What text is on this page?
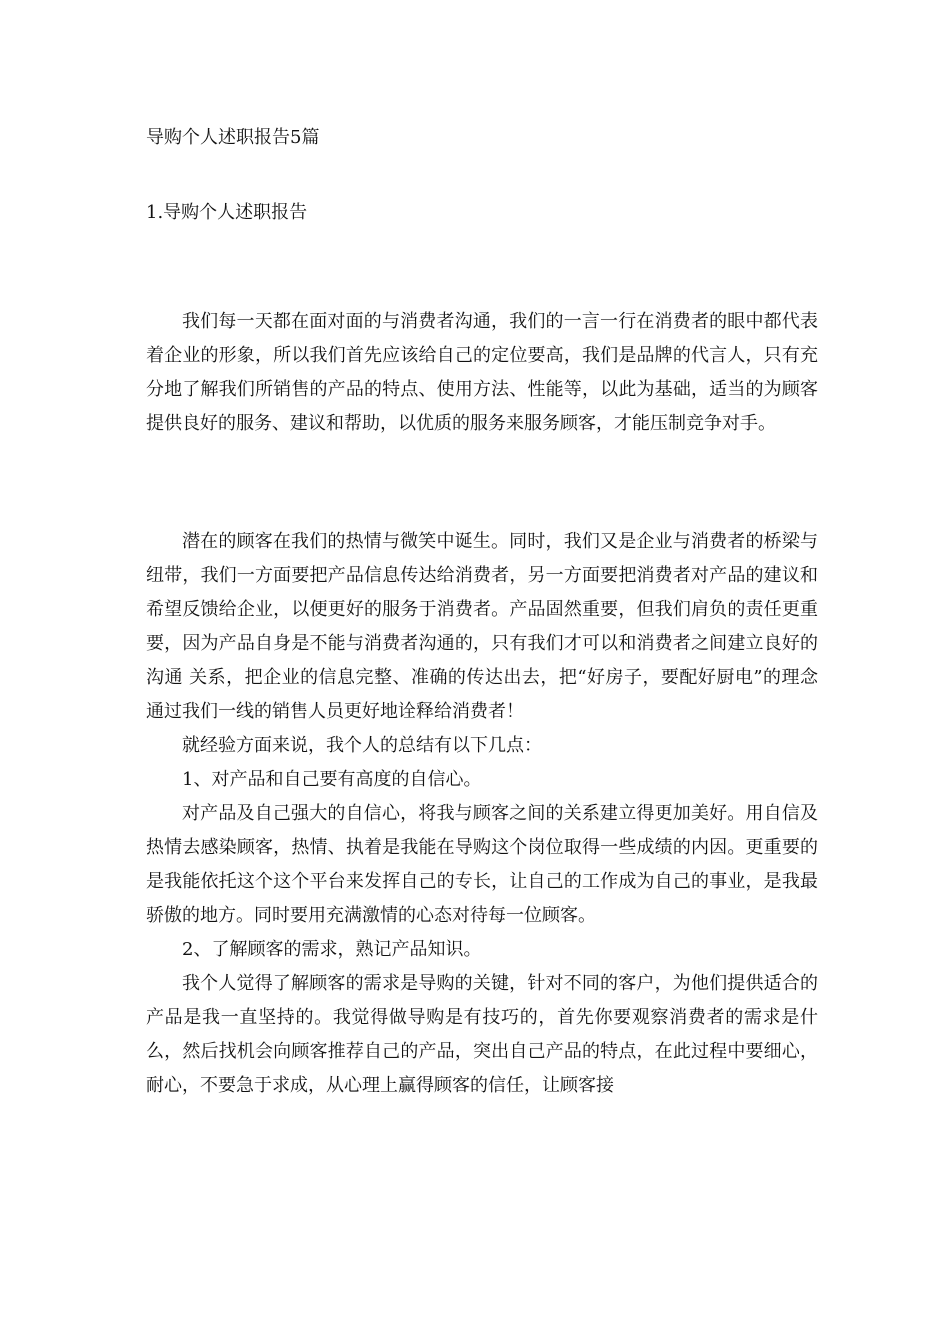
导购个人述职报告5篇
1.导购个人述职报告

我们每一天都在面对面的与消费者沟通，我们的一言一行在消费者的眼中都代表着企业的形象，所以我们首先应该给自己的定位要高，我们是品牌的代言人，只有充分地了解我们所销售的产品的特点、使用方法、性能等，以此为基础，适当的为顾客提供良好的服务、建议和帮助，以优质的服务来服务顾客，才能压制竞争对手。

潜在的顾客在我们的热情与微笑中诞生。同时，我们又是企业与消费者的桥梁与纽带，我们一方面要把产品信息传达给消费者，另一方面要把消费者对产品的建议和希望反馈给企业，以便更好的服务于消费者。产品固然重要，但我们肩负的责任更重要，因为产品自身是不能与消费者沟通的，只有我们才可以和消费者之间建立良好的沟通 关系，把企业的信息完整、准确的传达出去，把“好房子，要配好厨电”的理念通过我们一线的销售人员更好地诠释给消费者！

就经验方面来说，我个人的总结有以下几点：

1、对产品和自己要有高度的自信心。

对产品及自己强大的自信心，将我与顾客之间的关系建立得更加美好。用自信及热情去感染顾客，热情、执着是我能在导购这个岗位取得一些成绩的内因。更重要的是我能依托这个这个平台来发挥自己的专长，让自己的工作成为自己的事业，是我最骄傲的地方。同时要用充满激情的心态对待每一位顾客。

2、了解顾客的需求，熟记产品知识。

我个人觉得了解顾客的需求是导购的关键，针对不同的客户，为他们提供适合的产品是我一直坚持的。我觉得做导购是有技巧的，首先你要观察消费者的需求是什么，然后找机会向顾客推荐自己的产品，突出自己产品的特点，在此过程中要细心，耐心，不要急于求成，从心理上赢得顾客的信任，让顾客接
